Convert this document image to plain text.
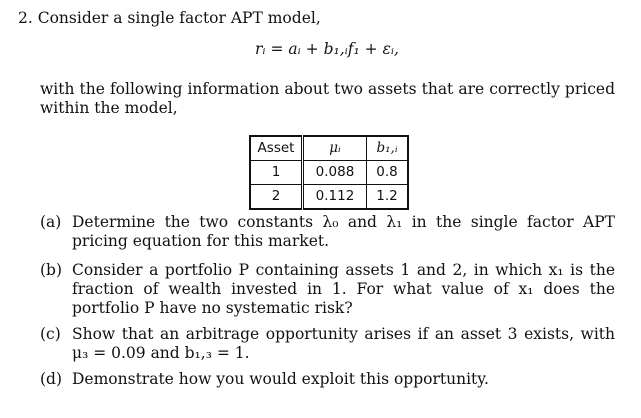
2. Consider a single factor APT model,
rᵢ = aᵢ + b₁,ᵢf₁ + εᵢ,
with the following information about two assets that are correctly priced within the model,
Asset	μᵢ	b₁,ᵢ
1	0.088	0.8
2	0.112	1.2
(a) Determine the two constants λ₀ and λ₁ in the single factor APT pricing equation for this market.
(b) Consider a portfolio P containing assets 1 and 2, in which x₁ is the fraction of wealth invested in 1. For what value of x₁ does the portfolio P have no systematic risk?
(c) Show that an arbitrage opportunity arises if an asset 3 exists, with μ₃ = 0.09 and b₁,₃ = 1.
(d) Demonstrate how you would exploit this opportunity.
